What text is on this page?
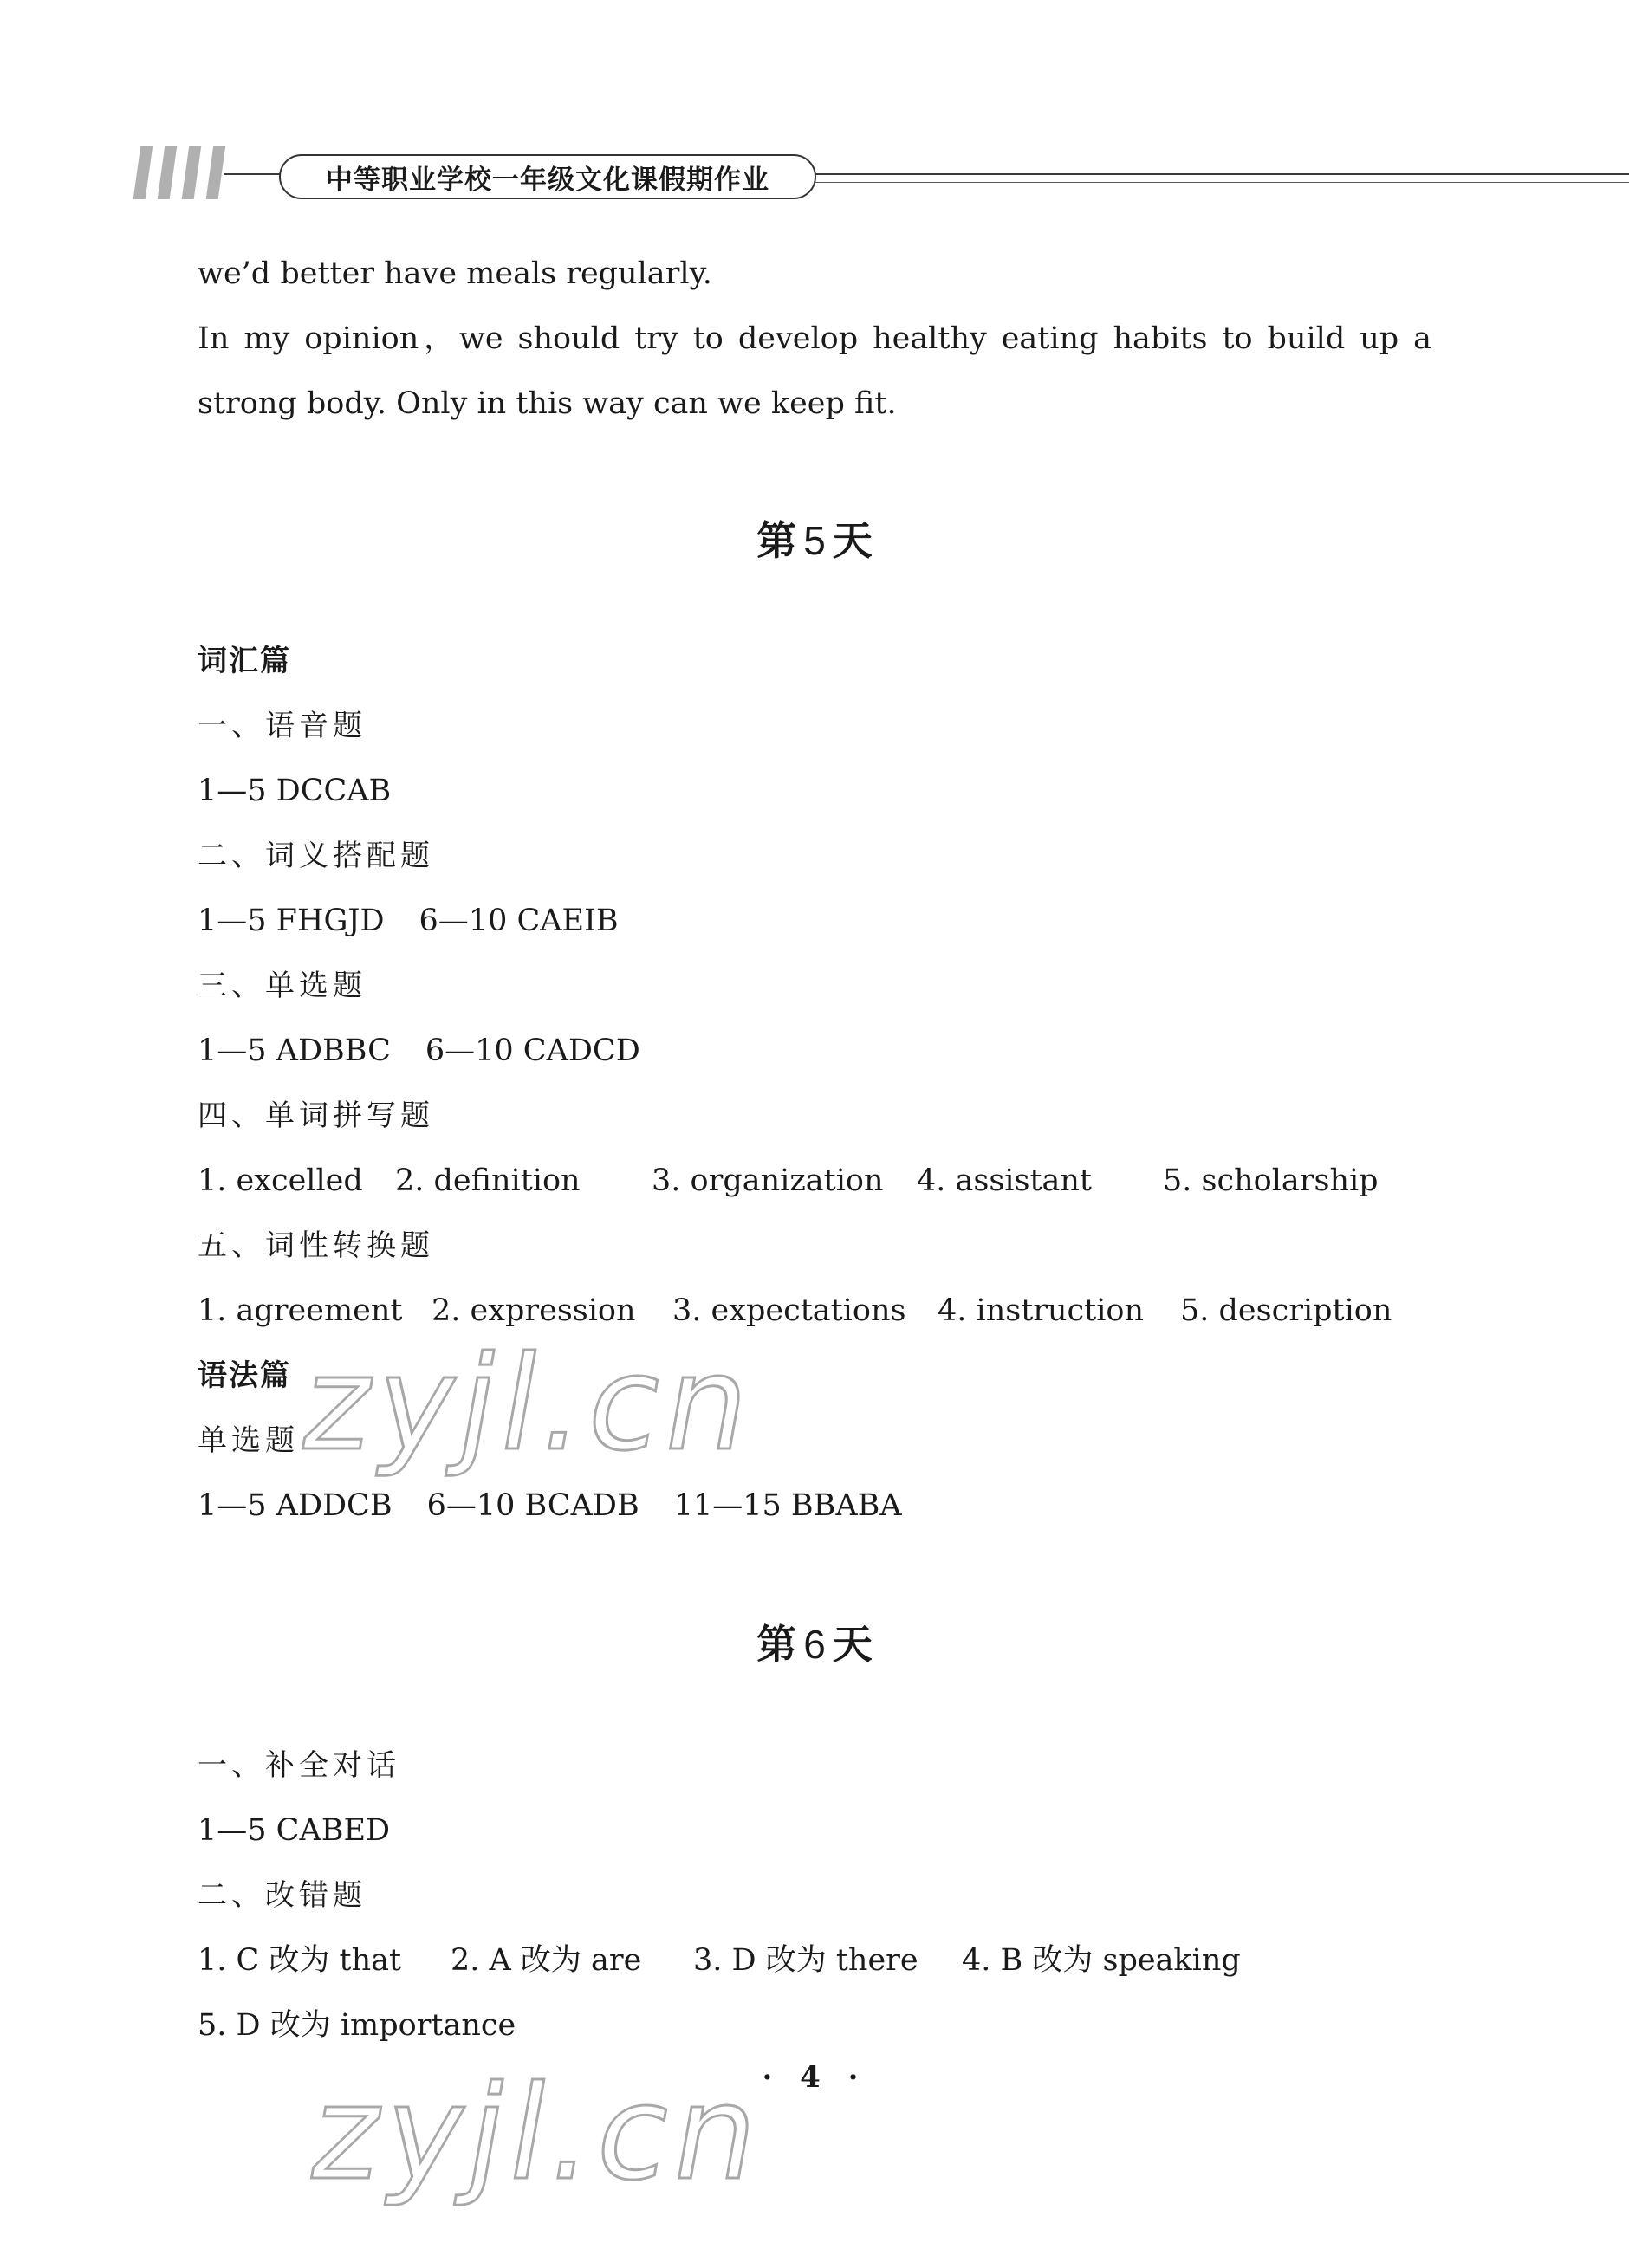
中等职业学校一年级文化课假期作业
we’d better have meals regularly.
In my opinion，we should try to develop healthy eating habits to build up a
strong body. Only in this way can we keep fit.
第 5 天
词汇篇
一、语音题
1—5 DCCAB
二、词义搭配题
1—5 FHGJD 6—10 CAEIB
三、单选题
1—5 ADBBC 6—10 CADCD
四、单词拼写题
1. excelled 2. definition 3. organization 4. assistant 5. scholarship
五、词性转换题
1. agreement 2. expression 3. expectations 4. instruction 5. description
语法篇
单选题
1—5 ADDCB 6—10 BCADB 11—15 BBABA
第 6 天
一、补全对话
1—5 CABED
二、改错题
1. C 改为 that 2. A 改为 are 3. D 改为 there 4. B 改为 speaking
5. D 改为 importance
zyjl.cn
zyjl.cn
· 4 ·
